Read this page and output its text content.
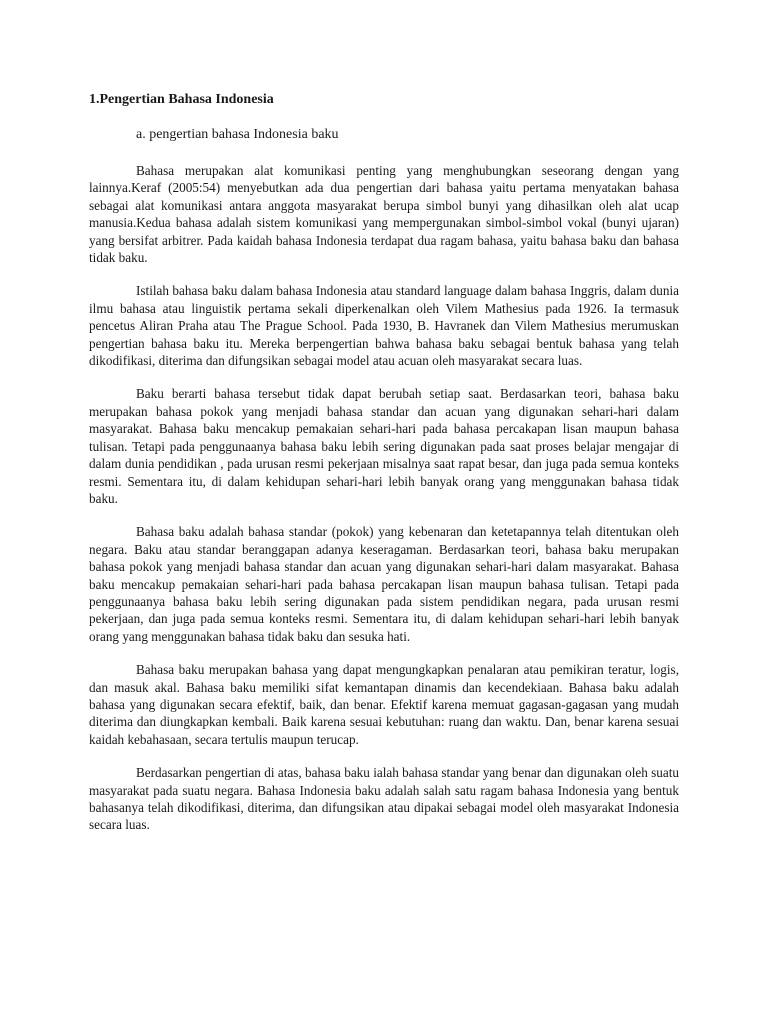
1.Pengertian Bahasa Indonesia
a. pengertian bahasa Indonesia baku

Bahasa merupakan alat komunikasi penting yang menghubungkan seseorang dengan yang lainnya.Keraf (2005:54) menyebutkan ada dua pengertian dari bahasa yaitu pertama menyatakan bahasa sebagai alat komunikasi antara anggota masyarakat berupa simbol bunyi yang dihasilkan oleh alat ucap manusia.Kedua bahasa adalah sistem komunikasi yang mempergunakan simbol-simbol vokal (bunyi ujaran) yang bersifat arbitrer. Pada kaidah bahasa Indonesia terdapat dua ragam bahasa, yaitu bahasa baku dan bahasa tidak baku.

Istilah bahasa baku dalam bahasa Indonesia atau standard language dalam bahasa Inggris, dalam dunia ilmu bahasa atau linguistik pertama sekali diperkenalkan oleh Vilem Mathesius pada 1926. Ia termasuk pencetus Aliran Praha atau The Prague School. Pada 1930, B. Havranek dan Vilem Mathesius merumuskan pengertian bahasa baku itu. Mereka berpengertian bahwa bahasa baku sebagai bentuk bahasa yang telah dikodifikasi, diterima dan difungsikan sebagai model atau acuan oleh masyarakat secara luas.

Baku berarti bahasa tersebut tidak dapat berubah setiap saat. Berdasarkan teori, bahasa baku merupakan bahasa pokok yang menjadi bahasa standar dan acuan yang digunakan sehari-hari dalam masyarakat. Bahasa baku mencakup pemakaian sehari-hari pada bahasa percakapan lisan maupun bahasa tulisan. Tetapi pada penggunaanya bahasa baku lebih sering digunakan pada saat proses belajar mengajar di dalam dunia pendidikan , pada urusan resmi pekerjaan misalnya saat rapat besar, dan juga pada semua konteks resmi. Sementara itu, di dalam kehidupan sehari-hari lebih banyak orang yang menggunakan bahasa tidak baku.

Bahasa baku adalah bahasa standar (pokok) yang kebenaran dan ketetapannya telah ditentukan oleh negara. Baku atau standar beranggapan adanya keseragaman. Berdasarkan teori, bahasa baku merupakan bahasa pokok yang menjadi bahasa standar dan acuan yang digunakan sehari-hari dalam masyarakat. Bahasa baku mencakup pemakaian sehari-hari pada bahasa percakapan lisan maupun bahasa tulisan. Tetapi pada penggunaanya bahasa baku lebih sering digunakan pada sistem pendidikan negara, pada urusan resmi pekerjaan, dan juga pada semua konteks resmi. Sementara itu, di dalam kehidupan sehari-hari lebih banyak orang yang menggunakan bahasa tidak baku dan sesuka hati.

Bahasa baku merupakan bahasa yang dapat mengungkapkan penalaran atau pemikiran teratur, logis, dan masuk akal. Bahasa baku memiliki sifat kemantapan dinamis dan kecendekiaan. Bahasa baku adalah bahasa yang digunakan secara efektif, baik, dan benar. Efektif karena memuat gagasan-gagasan yang mudah diterima dan diungkapkan kembali. Baik karena sesuai kebutuhan: ruang dan waktu. Dan, benar karena sesuai kaidah kebahasaan, secara tertulis maupun terucap.

Berdasarkan pengertian di atas, bahasa baku ialah bahasa standar yang benar dan digunakan oleh suatu masyarakat pada suatu negara. Bahasa Indonesia baku adalah salah satu ragam bahasa Indonesia yang bentuk bahasanya telah dikodifikasi, diterima, dan difungsikan atau dipakai sebagai model oleh masyarakat Indonesia secara luas.
